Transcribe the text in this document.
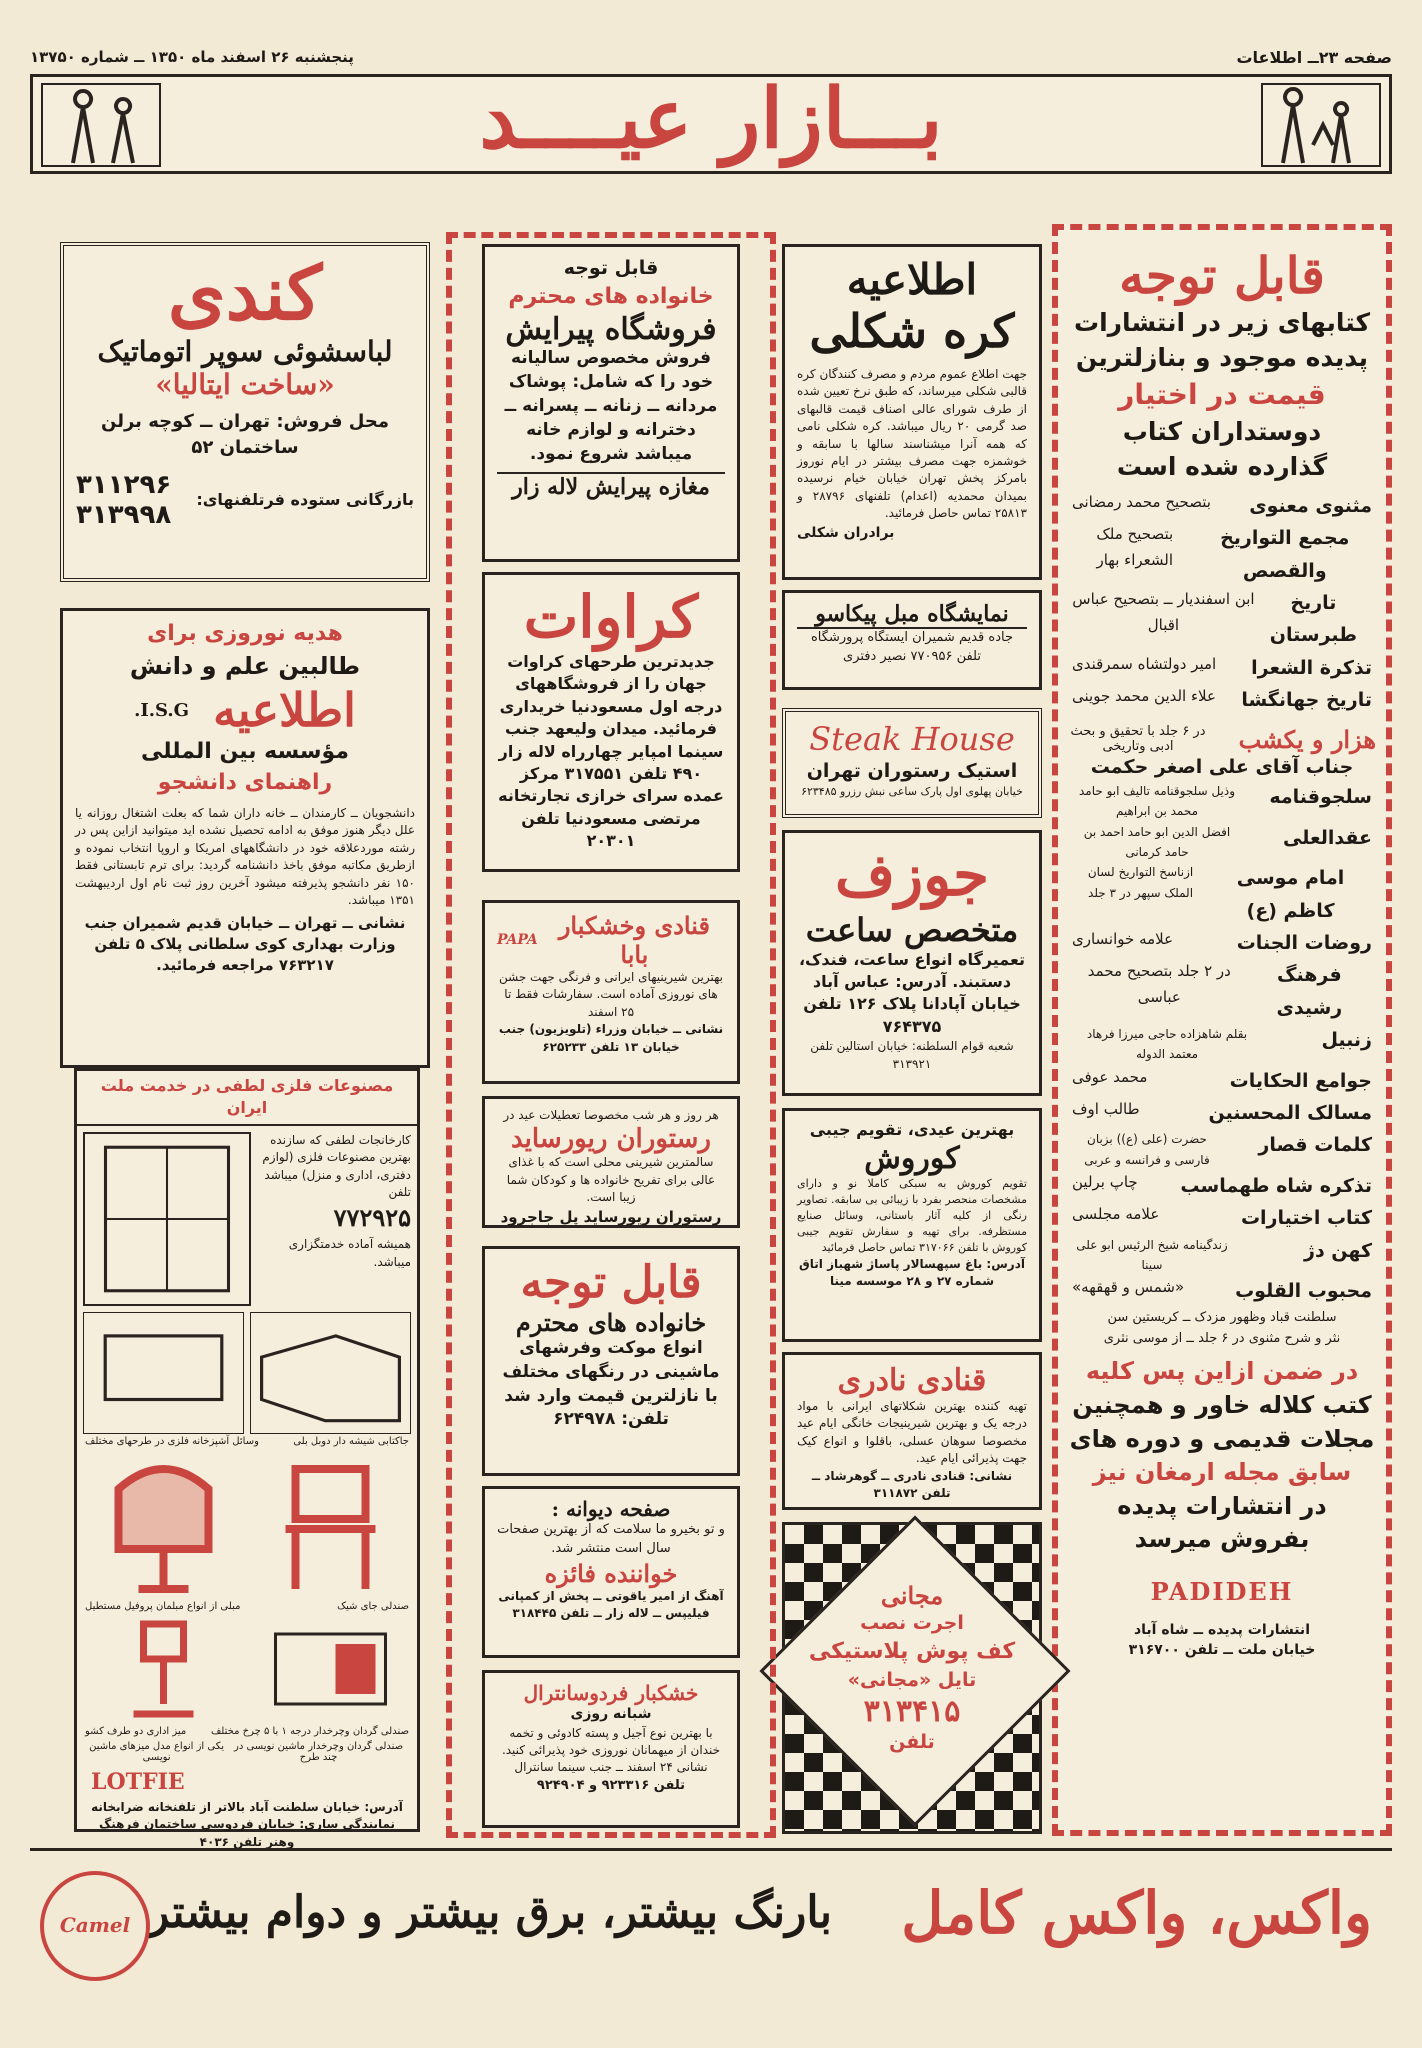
صفحه ۲۳ــ اطلاعات
پنجشنبه ۲۶ اسفند ماه ۱۳۵۰ ــ شماره ۱۳۷۵۰
بـــازار عيــــد
قابل توجه
کتابهای زیر در انتشارات
پدیده موجود و بنازلترین
قیمت در اختیار
دوستداران کتاب
گذارده شده است
مثنوی معنوی
بتصحیح محمد رمضانی
مجمع التواریخ والقصص
بتصحیح ملک الشعراء بهار
تاریخ طبرستان
ابن اسفندیار ــ بتصحیح عباس اقبال
تذکرة الشعرا
امیر دولتشاه سمرقندی
تاریخ جهانگشا
علاء الدین محمد جوینی
هزار و یکشب
در ۶ جلد با تحقیق و بحث ادبی وتاریخی
جناب آقای علی اصغر حکمت
سلجوقنامه
وذیل سلجوقنامه تالیف ابو حامد محمد بن ابراهیم
عقدالعلی
افضل الدین ابو حامد احمد بن حامد کرمانی
امام موسی کاظم (ع)
ازناسخ التواریخ لسان الملک سپهر در ۳ جلد
روضات الجنات
علامه خوانساری
فرهنگ رشیدی
در ۲ جلد بتصحیح محمد عباسی
زنبیل
بقلم شاهزاده حاجی میرزا فرهاد معتمد الدوله
جوامع الحکایات
محمد عوفی
مسالک المحسنین
طالب اوف
کلمات قصار
حضرت (علی (ع)) بزبان فارسی و فرانسه و عربی
تذکره شاه طهماسب
چاپ برلین
کتاب اختیارات
علامه مجلسی
کهن دژ
زندگینامه شیخ الرئیس ابو علی سینا
محبوب القلوب
«شمس و قهقهه»
سلطنت قباد وظهور مزدک ــ کریستین سن
نثر و شرح مثنوی در ۶ جلد ــ از موسی نثری
در ضمن ازاین پس کلیه
کتب کلاله خاور و همچنین
مجلات قدیمی و دوره های
سابق مجله ارمغان نیز
در انتشارات پدیده
بفروش میرسد
PADIDEH
انتشارات پدیده ــ شاه آباد
خیابان ملت ــ تلفن ۳۱۶۷۰۰
اطلاعیه
کره شکلی
جهت اطلاع عموم مردم و مصرف کنندگان کره قالبی شکلی میرساند، که طبق نرخ تعیین شده از طرف شورای عالی اصناف قیمت قالبهای صد گرمی ۲۰ ریال میباشد. کره شکلی نامی که همه آنرا میشناسند سالها با سابقه و خوشمزه جهت مصرف بیشتر در ایام نوروز بامرکز پخش تهران خیابان خیام نرسیده بمیدان محمدیه (اعدام) تلفنهای ۲۸۷۹۶ و ۲۵۸۱۳ تماس حاصل فرمائید.
برادران شکلی
نمایشگاه مبل پیکاسو
جاده قدیم شمیران ایستگاه پرورشگاه تلفن ۷۷۰۹۵۶ نصیر دفتری
Steak House
استیک رستوران تهران
خیابان پهلوی اول پارک ساعی نبش رزرو ۶۲۳۴۸۵
جوزف
متخصص ساعت
تعمیرگاه انواع ساعت، فندک، دستبند. آدرس: عباس آباد خیابان آپادانا پلاک ۱۲۶ تلفن ۷۶۴۳۷۵
شعبه قوام السلطنه: خیابان استالین تلفن ۳۱۳۹۲۱
بهترین عیدی، تقویم جیبی
کوروش
تقویم کوروش به سبکی کاملا نو و دارای مشخصات منحصر بفرد با زیبائی بی سابقه. تصاویر رنگی از کلیه آثار باستانی، وسائل صنایع مستظرفه. برای تهیه و سفارش تقویم جیبی کوروش با تلفن ۳۱۷۰۶۶ تماس حاصل فرمائید
آدرس: باغ سپهسالار پاساژ شهباز اتاق شماره ۲۷ و ۲۸ موسسه مینا
قنادی نادری
تهیه کننده بهترین شکلاتهای ایرانی با مواد درجه یک و بهترین شیرینیجات خانگی ایام عید مخصوصا سوهان عسلی، باقلوا و انواع کیک جهت پذیرائی ایام عید.
نشانی: قنادی نادری ــ گوهرشاد ــ تلفن ۳۱۱۸۷۲
مجانی
اجرت نصب
کف پوش پلاستیکی
تایل «مجانی»
۳۱۳۴۱۵
تلفن
قابل توجه
خانواده های محترم
فروشگاه پیرایش
فروش مخصوص سالیانه خود را که شامل: پوشاک مردانه ــ زنانه ــ پسرانه ــ دخترانه و لوازم خانه میباشد شروع نمود.
مغازه پیرایش لاله زار
کراوات
جدیدترین طرحهای کراوات جهان را از فروشگاههای درجه اول مسعودنیا خریداری فرمائید. میدان ولیعهد جنب سینما امپایر چهارراه لاله زار ۴۹۰ تلفن ۳۱۷۵۵۱ مرکز عمده سرای خرازی تجارتخانه مرتضی مسعودنیا تلفن ۲۰۳۰۱
قنادی وخشکبار بابا
PAPA
بهترین شیرینیهای ایرانی و فرنگی جهت جشن های نوروزی آماده است. سفارشات فقط تا ۲۵ اسفند
نشانی ــ خیابان وزراء (تلویزیون) جنب خیابان ۱۳ تلفن ۶۲۵۲۳۳
هر روز و هر شب مخصوصا تعطیلات عید در
رستوران ریورساید
سالمترین شیرینی محلی است که با غذای عالی برای تفریح خانواده ها و کودکان شما زیبا است.
رستوران ریورساید پل جاجرود
قابل توجه
خانواده های محترم
انواع موکت وفرشهای ماشینی در رنگهای مختلف با نازلترین قیمت وارد شد تلفن: ۶۲۴۹۷۸
صفحه دیوانه :
و تو بخیرو ما سلامت که از بهترین صفحات سال است منتشر شد.
خواننده فائزه
آهنگ از امیر یاقوتی ــ پخش از کمپانی فیلیپس ــ لاله زار ــ تلفن ۳۱۸۴۴۵
خشکبار فردوسانترال
شبانه روزی
با بهترین نوع آجیل و پسته کادوئی و تخمه خندان از میهمانان نوروزی خود پذیرائی کنید. نشانی ۲۴ اسفند ــ جنب سینما سانترال
تلفن ۹۲۳۳۱۶ و ۹۲۴۹۰۴
کندی
لباسشوئی سوپر اتوماتیک
«ساخت ایتالیا»
محل فروش: تهران ــ کوچه برلن ساختمان ۵۲
بازرگانی ستوده فرتلفنهای:
۳۱۱۲۹۶
۳۱۳۹۹۸
هدیه نوروزی برای
طالبین علم و دانش
اطلاعیه
I.S.G.
مؤسسه بین المللی
راهنمای دانشجو
دانشجویان ــ کارمندان ــ خانه داران شما که بعلت اشتغال روزانه یا علل دیگر هنوز موفق به ادامه تحصیل نشده اید میتوانید ازاین پس در رشته موردعلاقه خود در دانشگاههای امریکا و اروپا انتخاب نموده و ازطریق مکاتبه موفق باخذ دانشنامه گردید: برای ترم تابستانی فقط ۱۵۰ نفر دانشجو پذیرفته میشود آخرین روز ثبت نام اول اردیبهشت ۱۳۵۱ میباشد.
نشانی ــ تهران ــ خیابان قدیم شمیران جنب وزارت بهداری کوی سلطانی پلاک ۵ تلفن ۷۶۳۲۱۷ مراجعه فرمائید.
مصنوعات فلزی لطفی در خدمت ملت ایران
کارخانجات لطفی که سازنده بهترین مصنوعات فلزی (لوازم دفتری، اداری و منزل) میباشد تلفن
۷۷۲۹۲۵
همیشه آماده خدمتگزاری میباشد.
جاکتابی شیشه دار دوبل بلی
وسائل آشپزخانه فلزی در طرحهای مختلف
صندلی جای شیک
مبلی از انواع مبلمان پروفیل مستطیل
صندلی گردان وچرخدار درجه ۱ با ۵ چرخ مختلف
میز اداری دو طرف کشو
صندلی گردان وچرخدار ماشین نویسی در چند طرح
یکی از انواع مدل میزهای ماشین نویسی
LOTFIE
آدرس: خیابان سلطنت آباد بالاتر از تلفنخانه ضرابخانه
نمایندگی ساری: خیابان فردوسی ساختمان فرهنگ وهنر تلفن ۴۰۳۶
واکس، واکس کامل
بارنگ بیشتر، برق بیشتر و دوام بیشتر
Camel
